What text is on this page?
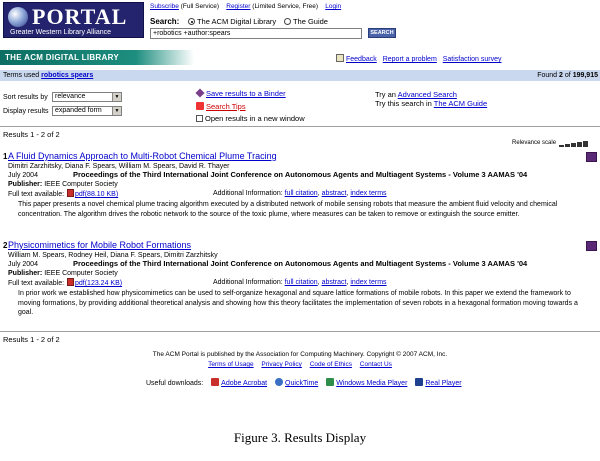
PORTAL
Greater Western Library Alliance
Subscribe (Full Service) Register (Limited Service, Free) Login
Search:	The ACM Digital Library	The Guide
+robotics +author:spears	SEARCH
THE ACM DIGITAL LIBRARY	Feedback Report a problem Satisfaction survey
Terms used robotics spears	Found 2 of 199,915
Sort results by	relevance	▼
Display results expanded form	▼
Save results to a Binder
Search Tips
Open results in a new window
Try an Advanced Search
Try this search in The ACM Guide
Results 1 - 2 of 2
Relevance scale
1 A Fluid Dynamics Approach to Multi-Robot Chemical Plume Tracing
Dimitri Zarzhitsky, Diana F. Spears, William M. Spears, David R. Thayer
July 2004	Proceedings of the Third International Joint Conference on Autonomous Agents and Multiagent Systems - Volume 3 AAMAS '04
Publisher: IEEE Computer Society
Full text available: pdf(88.10 KB)	Additional Information: full citation, abstract, index terms
This paper presents a novel chemical plume tracing algorithm executed by a distributed network of mobile sensing robots that measure the ambient fluid velocity and chemical concentration. The algorithm drives the robotic network to the source of the toxic plume, where measures can be taken to remove or extinguish the source emitter.
2 Physicomimetics for Mobile Robot Formations
William M. Spears, Rodney Heil, Diana F. Spears, Dimitri Zarzhitsky
July 2004	Proceedings of the Third International Joint Conference on Autonomous Agents and Multiagent Systems - Volume 3 AAMAS '04
Publisher: IEEE Computer Society
Full text available: pdf(123.24 KB)	Additional Information: full citation, abstract, index terms
In prior work we established how physicomimetics can be used to self-organize hexagonal and square lattice formations of mobile robots. In this paper we extend the framework to moving formations, by providing additional theoretical analysis and showing how this theory facilitates the implementation of seven robots in a hexagonal formation moving towards a goal.
Results 1 - 2 of 2
The ACM Portal is published by the Association for Computing Machinery. Copyright © 2007 ACM, Inc.
Terms of Usage Privacy Policy Code of Ethics Contact Us
Useful downloads:	Adobe Acrobat	QuickTime	Windows Media Player	Real Player
Figure 3. Results Display
